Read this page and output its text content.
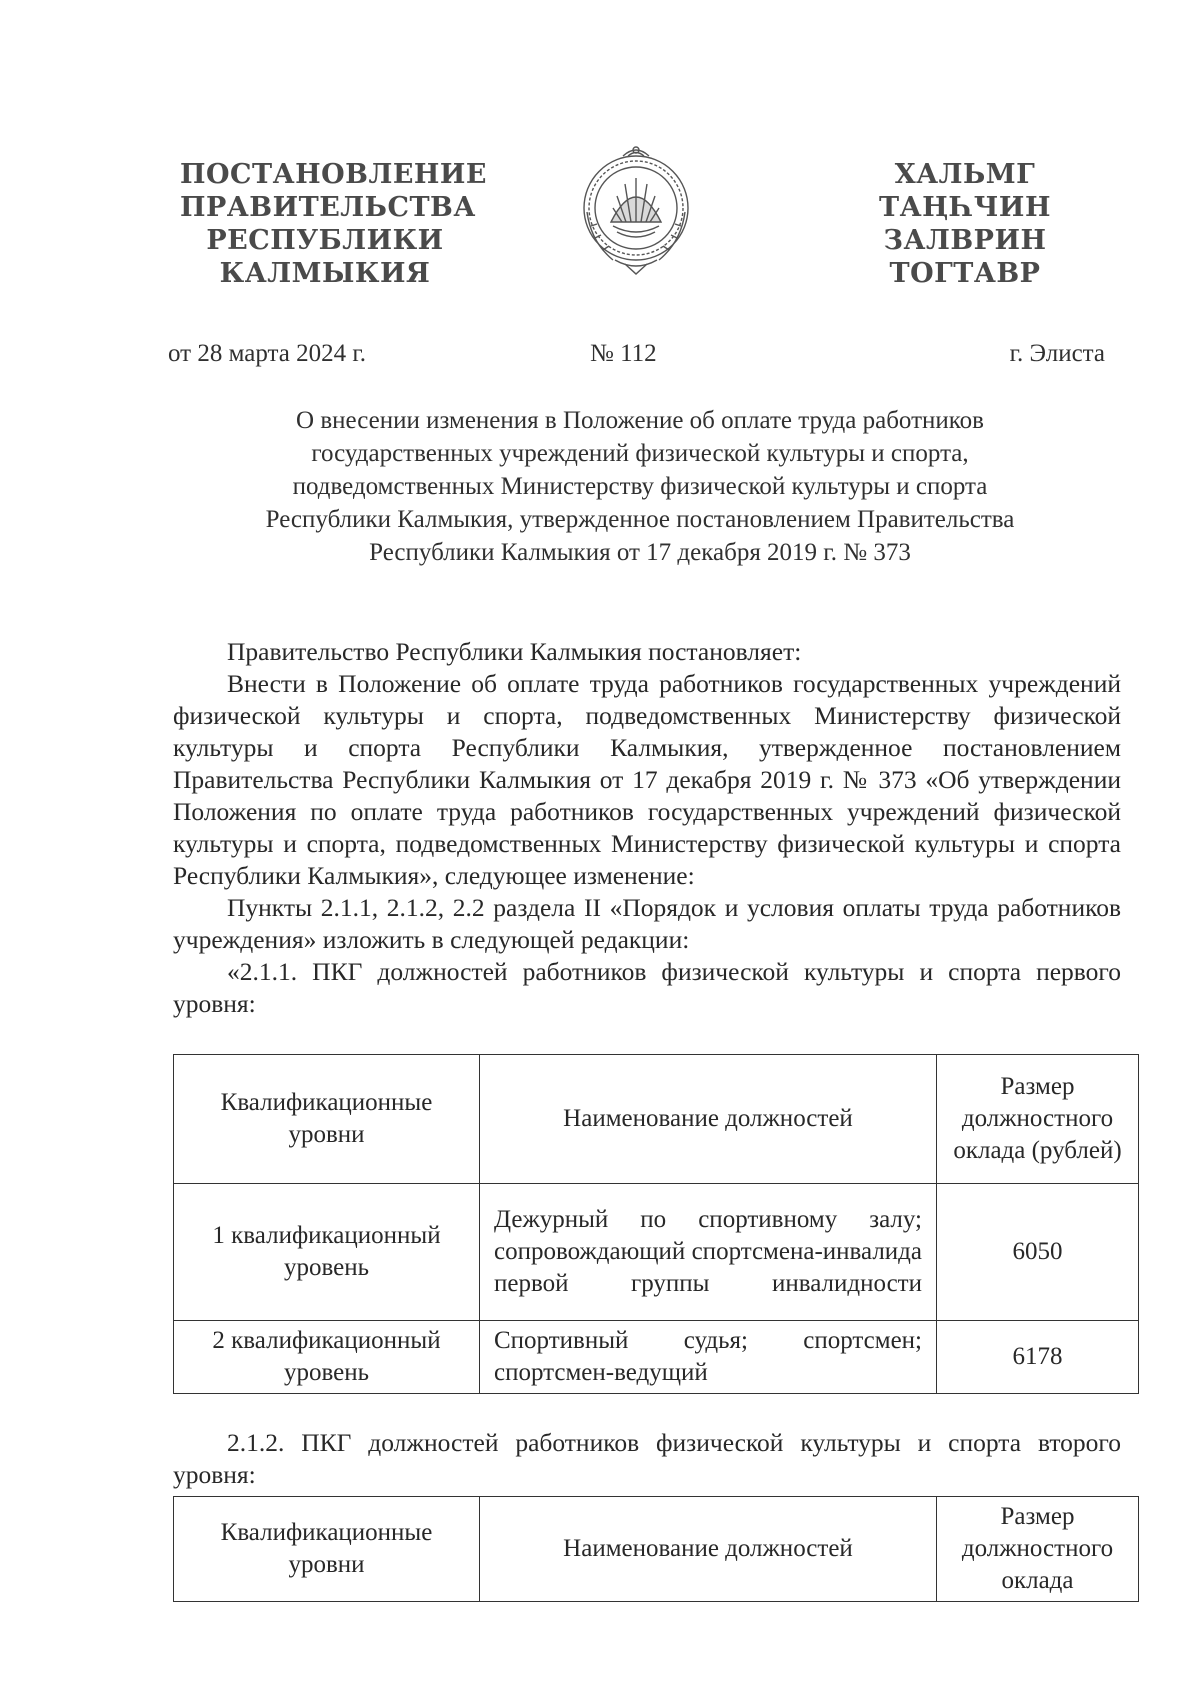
ПОСТАНОВЛЕНИЕ
ПРАВИТЕЛЬСТВА
РЕСПУБЛИКИ
КАЛМЫКИЯ
ХАЛЬМГ
ТАҢҺЧИН
ЗАЛВРИН
ТОГТАВР
от 28 марта 2024 г.	№ 112	г. Элиста
О внесении изменения в Положение об оплате труда работников
государственных учреждений физической культуры и спорта,
подведомственных Министерству физической культуры и спорта
Республики Калмыкия, утвержденное постановлением Правительства
Республики Калмыкия от 17 декабря 2019 г. № 373

Правительство Республики Калмыкия постановляет:

Внести в Положение об оплате труда работников государственных учреждений физической культуры и спорта, подведомственных Министерству физической культуры и спорта Республики Калмыкия, утвержденное постановлением Правительства Республики Калмыкия от 17 декабря 2019 г. № 373 «Об утверждении Положения по оплате труда работников государственных учреждений физической культуры и спорта, подведомственных Министерству физической культуры и спорта Республики Калмыкия», следующее изменение:

Пункты 2.1.1, 2.1.2, 2.2 раздела II «Порядок и условия оплаты труда работников учреждения» изложить в следующей редакции:

«2.1.1. ПКГ должностей работников физической культуры и спорта первого уровня:

Квалификационные уровни	Наименование должностей	Размер должностного оклада (рублей)
1 квалификационный уровень	Дежурный по спортивному залу; сопровождающий спортсмена-инвалида первой группы инвалидности	6050
2 квалификационный уровень	Спортивный судья; спортсмен; спортсмен-ведущий	6178

2.1.2. ПКГ должностей работников физической культуры и спорта второго уровня:

Квалификационные уровни	Наименование должностей	Размер должностного оклада
